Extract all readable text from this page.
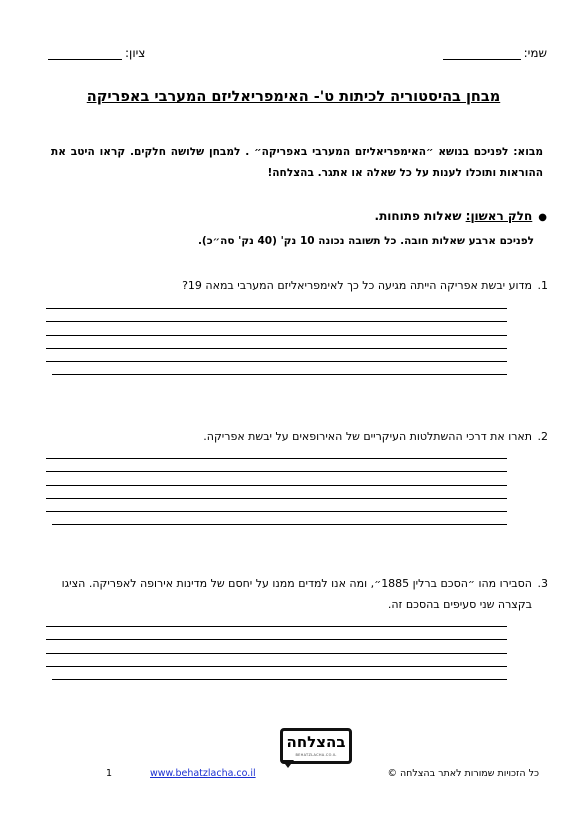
שמי:
ציון:
מבחן בהיסטוריה לכיתות ט'- האימפריאליזם המערבי באפריקה
מבוא: לפניכם בנושא ״האימפריאליזם המערבי באפריקה״ . למבחן שלושה חלקים. קראו היטב את ההוראות ותוכלו לענות על כל שאלה או אתגר. בהצלחה!
●חלק ראשון: שאלות פתוחות.
לפניכם ארבע שאלות חובה. כל תשובה נכונה 10 נק' (40 נק' סה״כ).
1.
מדוע יבשת אפריקה הייתה מגיעה כל כך לאימפריאליזם המערבי במאה 19?
2.
תארו את דרכי ההשתלטות העיקריים של האירופאים על יבשת אפריקה.
3.
הסבירו מהו ״הסכם ברלין 1885״, ומה אנו למדים ממנו על יחסם של מדינות אירופה לאפריקה. הציגו בקצרה שני סעיפים בהסכם זה.
בהצלחה
BEHATZLACHA.CO.IL
כל הזכויות שמורות לאתר בהצלחה ©
www.behatzlacha.co.il
1
